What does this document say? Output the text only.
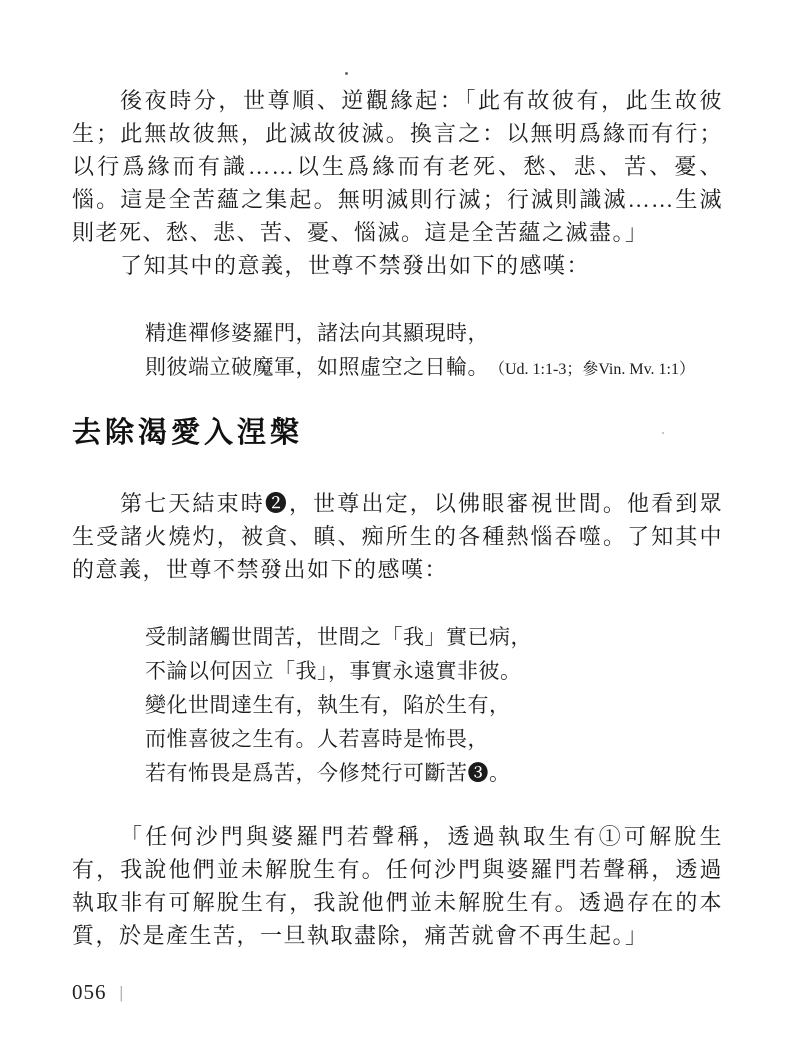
後夜時分，世尊順、逆觀緣起：「此有故彼有，此生故彼生；此無故彼無，此滅故彼滅。換言之：以無明爲緣而有行；以行爲緣而有識……以生爲緣而有老死、愁、悲、苦、憂、惱。這是全苦蘊之集起。無明滅則行滅；行滅則識滅……生滅則老死、愁、悲、苦、憂、惱滅。這是全苦蘊之滅盡。」

了知其中的意義，世尊不禁發出如下的感嘆：

精進禪修婆羅門，諸法向其顯現時，
則彼端立破魔軍，如照虛空之日輪。 （Ud. 1:1-3；參Vin. Mv. 1:1）
去除渴愛入涅槃

第七天結束時❷，世尊出定，以佛眼審視世間。他看到眾生受諸火燒灼，被貪、瞋、痴所生的各種熱惱吞噬。了知其中的意義，世尊不禁發出如下的感嘆：

受制諸觸世間苦，世間之「我」實已病，
不論以何因立「我」，事實永遠實非彼。
變化世間達生有，執生有，陷於生有，
而惟喜彼之生有。人若喜時是怖畏，
若有怖畏是爲苦，今修梵行可斷苦❸。

「任何沙門與婆羅門若聲稱，透過執取生有①可解脫生有，我說他們並未解脫生有。任何沙門與婆羅門若聲稱，透過執取非有可解脫生有，我說他們並未解脫生有。透過存在的本質，於是產生苦，一旦執取盡除，痛苦就會不再生起。」

056 |
